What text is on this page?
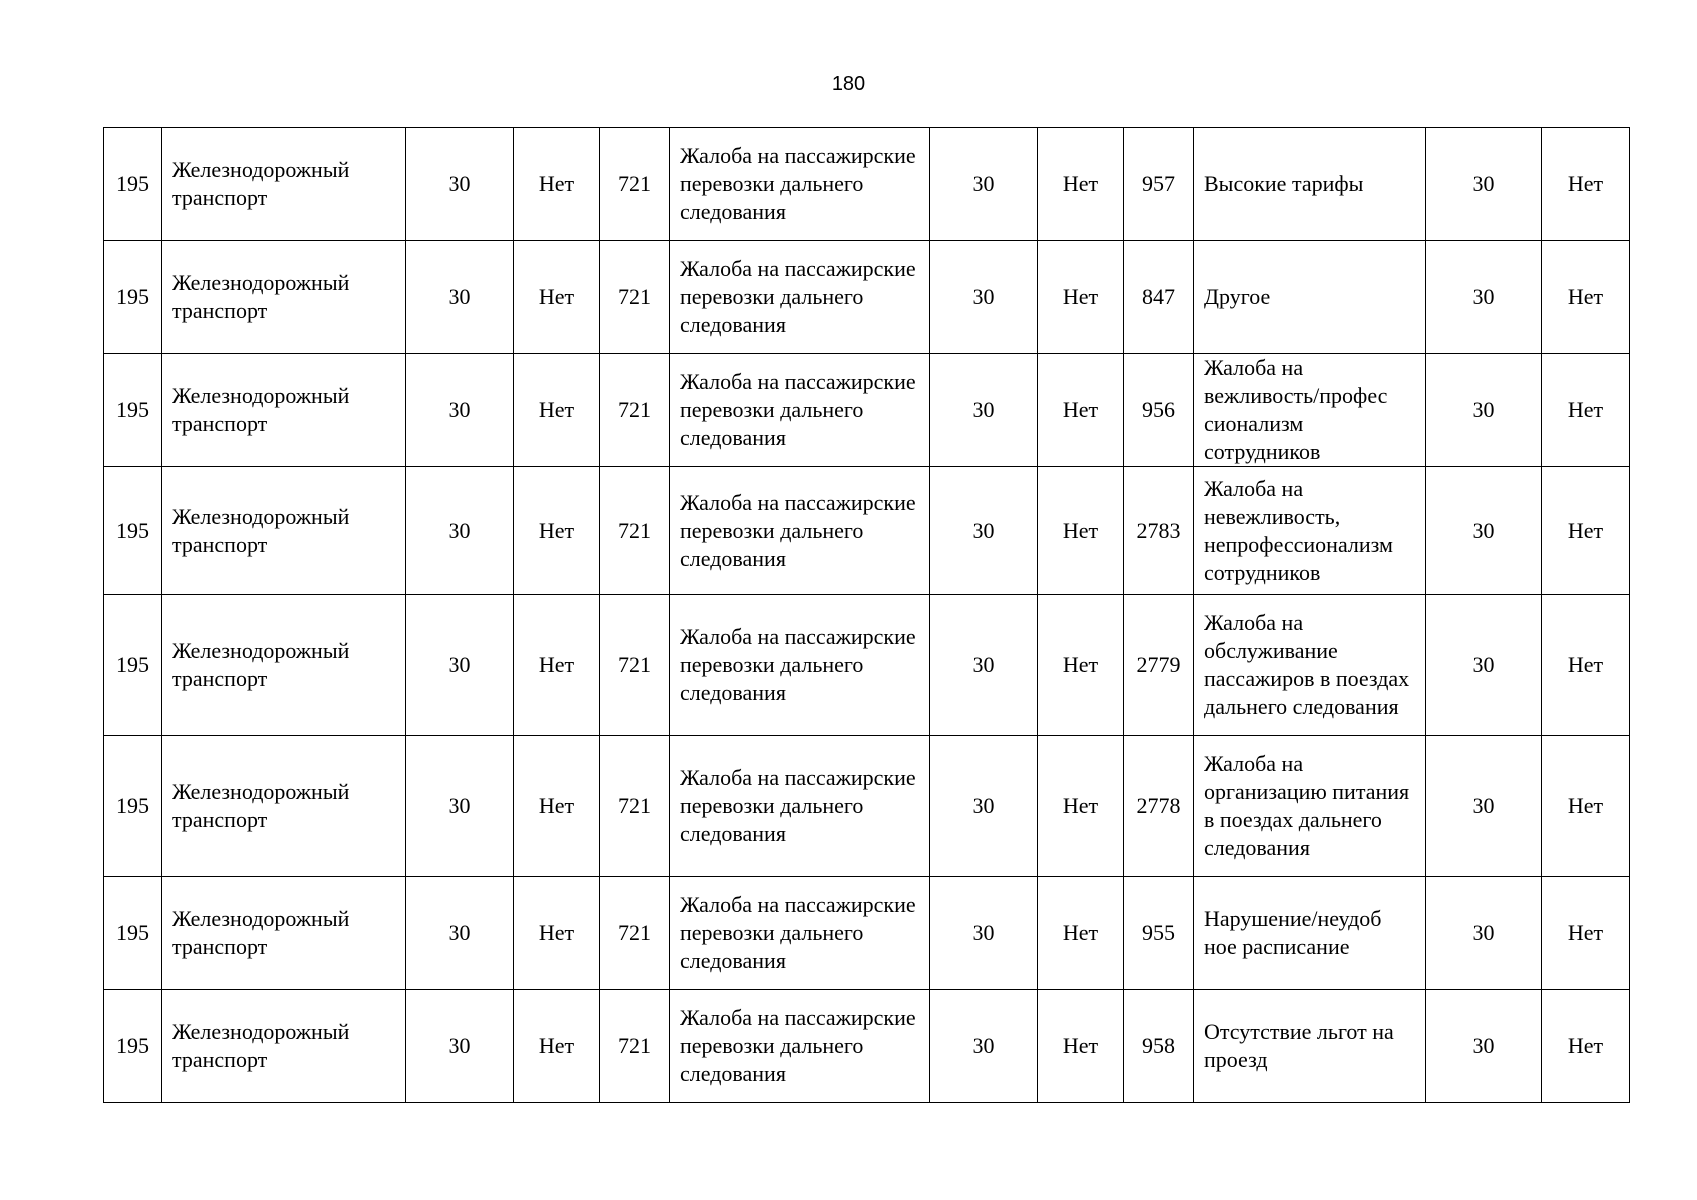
180
195	Железнодорожный транспорт	30	Нет	721	Жалоба на пассажирские перевозки дальнего следования	30	Нет	957	Высокие тарифы	30	Нет
195	Железнодорожный транспорт	30	Нет	721	Жалоба на пассажирские перевозки дальнего следования	30	Нет	847	Другое	30	Нет
195	Железнодорожный транспорт	30	Нет	721	Жалоба на пассажирские перевозки дальнего следования	30	Нет	956	Жалоба на вежливость/профес сионализм сотрудников	30	Нет
195	Железнодорожный транспорт	30	Нет	721	Жалоба на пассажирские перевозки дальнего следования	30	Нет	2783	Жалоба на невежливость, непрофессионализм сотрудников	30	Нет
195	Железнодорожный транспорт	30	Нет	721	Жалоба на пассажирские перевозки дальнего следования	30	Нет	2779	Жалоба на обслуживание пассажиров в поездах дальнего следования	30	Нет
195	Железнодорожный транспорт	30	Нет	721	Жалоба на пассажирские перевозки дальнего следования	30	Нет	2778	Жалоба на организацию питания в поездах дальнего следования	30	Нет
195	Железнодорожный транспорт	30	Нет	721	Жалоба на пассажирские перевозки дальнего следования	30	Нет	955	Нарушение/неудоб ное расписание	30	Нет
195	Железнодорожный транспорт	30	Нет	721	Жалоба на пассажирские перевозки дальнего следования	30	Нет	958	Отсутствие льгот на проезд	30	Нет
